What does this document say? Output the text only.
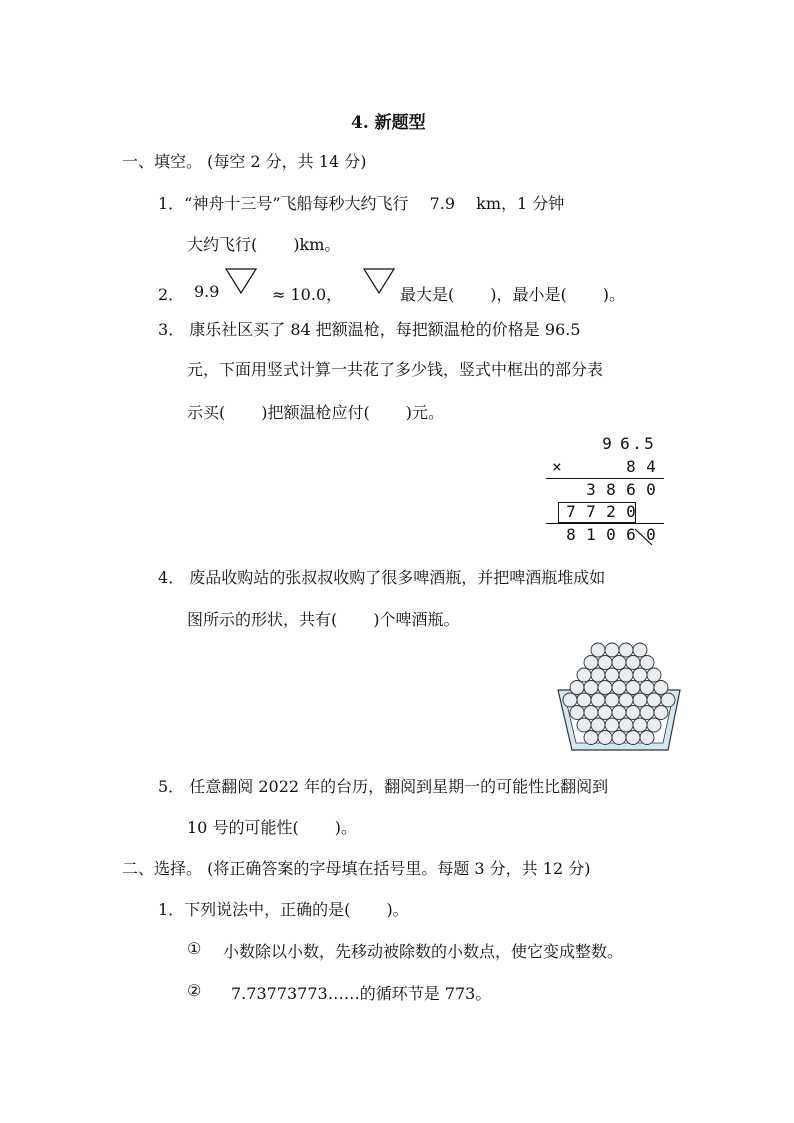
4. 新题型
一、填空。 (每空 2 分，共 14 分)
1．“神舟十三号”飞船每秒大约飞行　 7.9　 km，1 分钟
大约飞行( )km。
2． 9.9	≈ 10.0，	最大是( )，最小是( )。
3． 康乐社区买了 84 把额温枪，每把额温枪的价格是 96.5
元，下面用竖式计算一共花了多少钱，竖式中框出的部分表
示买( )把额温枪应付( )元。
9 6 . 5
×	8 4
3 8 6 0
7 7 2 0
8 1 0 6 0
4． 废品收购站的张叔叔收购了很多啤酒瓶，并把啤酒瓶堆成如
图所示的形状，共有( )个啤酒瓶。
5． 任意翻阅 2022 年的台历，翻阅到星期一的可能性比翻阅到
10 号的可能性( )。
二、选择。 (将正确答案的字母填在括号里。每题 3 分，共 12 分)
1．下列说法中，正确的是( )。
① 小数除以小数，先移动被除数的小数点，使它变成整数。
② 7.73773773……的循环节是 773。
